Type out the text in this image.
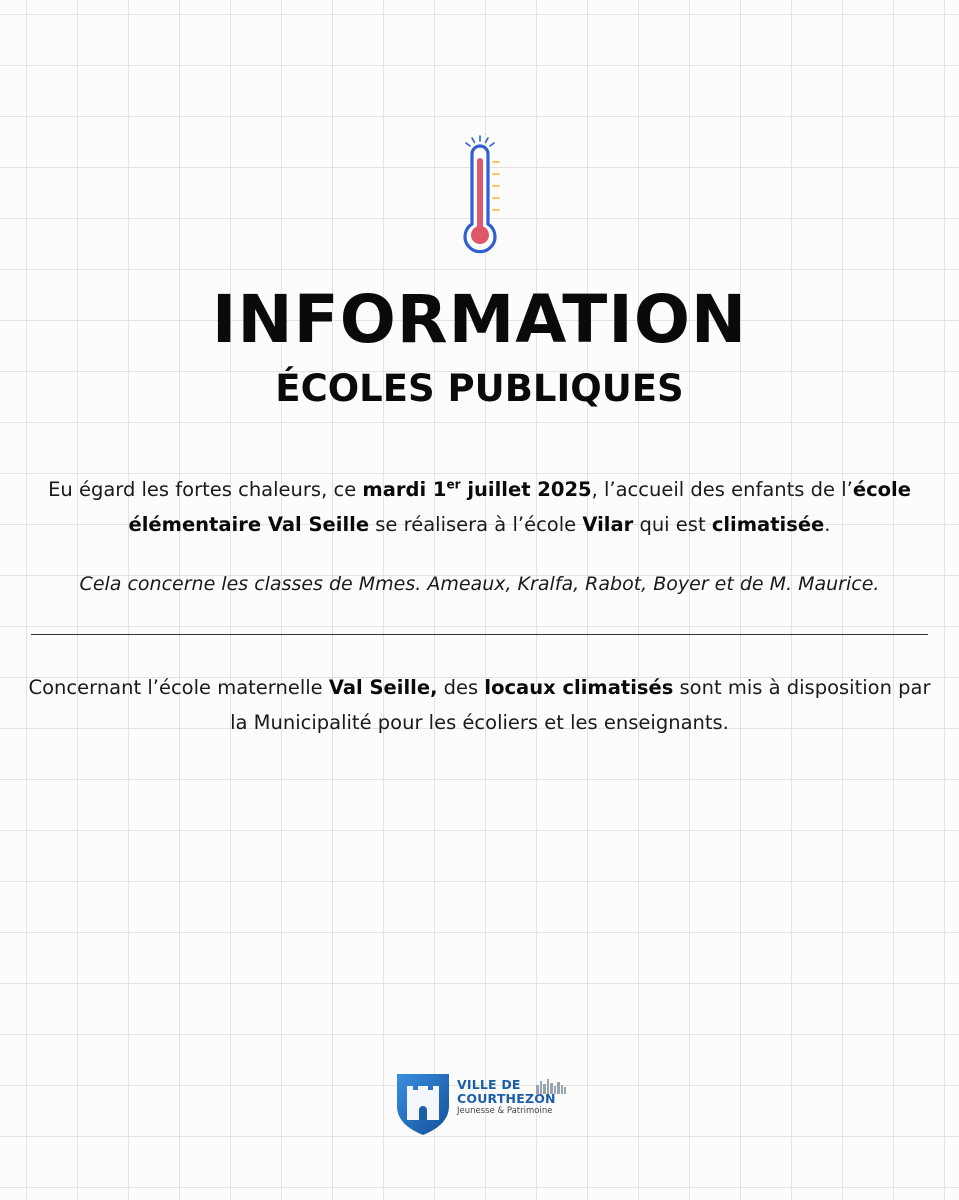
INFORMATION
ÉCOLES PUBLIQUES

Eu égard les fortes chaleurs, ce mardi 1er juillet 2025, l’accueil des enfants de l’école élémentaire Val Seille se réalisera à l’école Vilar qui est climatisée.

Cela concerne les classes de Mmes. Ameaux, Kralfa, Rabot, Boyer et de M. Maurice.

Concernant l’école maternelle Val Seille, des locaux climatisés sont mis à disposition par la Municipalité pour les écoliers et les enseignants.

VILLE DE
COURTHEZON
Jeunesse & Patrimoine
